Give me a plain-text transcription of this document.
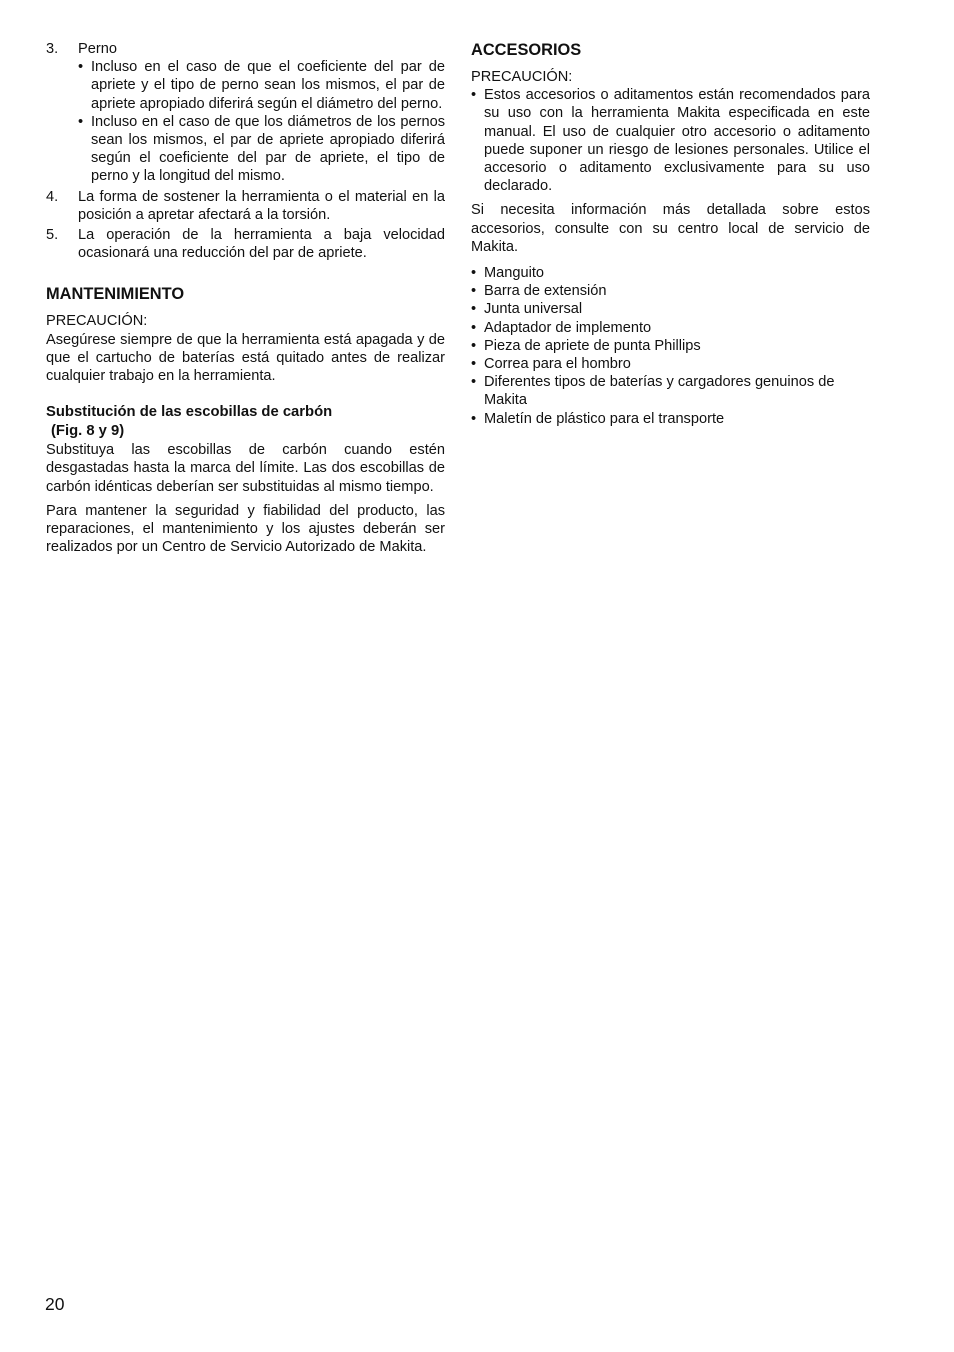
3. Perno

• Incluso en el caso de que el coeficiente del par de apriete y el tipo de perno sean los mismos, el par de apriete apropiado diferirá según el diámetro del perno.

• Incluso en el caso de que los diámetros de los pernos sean los mismos, el par de apriete apropiado diferirá según el coeficiente del par de apriete, el tipo de perno y la longitud del mismo.

4. La forma de sostener la herramienta o el material en la posición a apretar afectará a la torsión.

5. La operación de la herramienta a baja velocidad ocasionará una reducción del par de apriete.

MANTENIMIENTO

PRECAUCIÓN:

Asegúrese siempre de que la herramienta está apagada y de que el cartucho de baterías está quitado antes de realizar cualquier trabajo en la herramienta.

Substitución de las escobillas de carbón
(Fig. 8 y 9)

Substituya las escobillas de carbón cuando estén desgastadas hasta la marca del límite. Las dos escobillas de carbón idénticas deberían ser substituidas al mismo tiempo.

Para mantener la seguridad y fiabilidad del producto, las reparaciones, el mantenimiento y los ajustes deberán ser realizados por un Centro de Servicio Autorizado de Makita.

ACCESORIOS

PRECAUCIÓN:

• Estos accesorios o aditamentos están recomendados para su uso con la herramienta Makita especificada en este manual. El uso de cualquier otro accesorio o aditamento puede suponer un riesgo de lesiones personales. Utilice el accesorio o aditamento exclusivamente para su uso declarado.

Si necesita información más detallada sobre estos accesorios, consulte con su centro local de servicio de Makita.

• Manguito

• Barra de extensión

• Junta universal

• Adaptador de implemento

• Pieza de apriete de punta Phillips

• Correa para el hombro

• Diferentes tipos de baterías y cargadores genuinos de Makita

• Maletín de plástico para el transporte

20
